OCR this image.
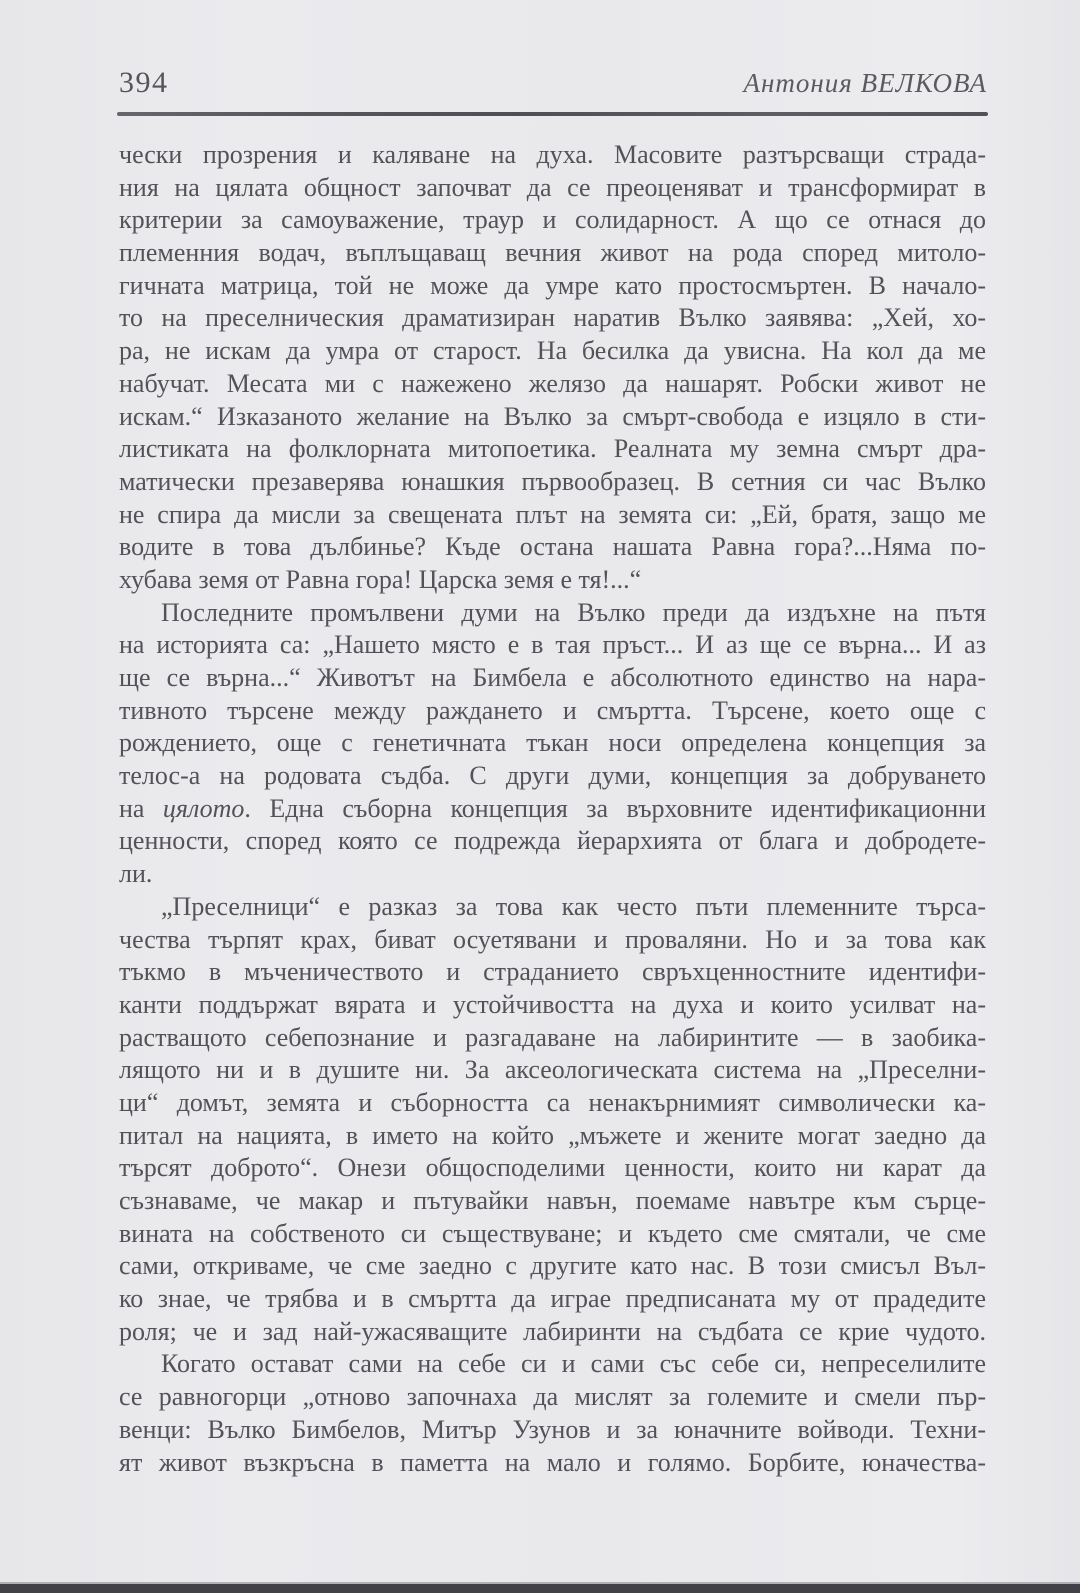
394	Антония ВЕЛКОВА
чески прозрения и каляване на духа. Масовите разтърсващи страда-
ния на цялата общност започват да се преоценяват и трансформират в
критерии за самоуважение, траур и солидарност. А що се отнася до
племенния водач, въплъщаващ вечния живот на рода според митоло-
гичната матрица, той не може да умре като простосмъртен. В начало-
то на преселническия драматизиран наратив Вълко заявява: „Хей, хо-
ра, не искам да умра от старост. На бесилка да увисна. На кол да ме
набучат. Месата ми с нажежено желязо да нашарят. Робски живот не
искам.“ Изказаното желание на Вълко за смърт-свобода е изцяло в сти-
листиката на фолклорната митопоетика. Реалната му земна смърт дра-
матически презаверява юнашкия първообразец. В сетния си час Вълко
не спира да мисли за свещената плът на земята си: „Ей, братя, защо ме
водите в това дълбинье? Къде остана нашата Равна гора?...Няма по-
хубава земя от Равна гора! Царска земя е тя!...“
Последните промълвени думи на Вълко преди да издъхне на пътя
на историята са: „Нашето място е в тая пръст... И аз ще се върна... И аз
ще се върна...“ Животът на Бимбела е абсолютното единство на нара-
тивното търсене между раждането и смъртта. Търсене, което още с
рождението, още с генетичната тъкан носи определена концепция за
телос-а на родовата съдба. С други думи, концепция за добруването
на цялото. Една съборна концепция за върховните идентификационни
ценности, според която се подрежда йерархията от блага и добродете-
ли.
„Преселници“ е разказ за това как често пъти племенните търса-
чества търпят крах, биват осуетявани и проваляни. Но и за това как
тъкмо в мъченичеството и страданието свръхценностните идентифи-
канти поддържат вярата и устойчивостта на духа и които усилват на-
растващото себепознание и разгадаване на лабиринтите — в заобика-
лящото ни и в душите ни. За аксеологическата система на „Преселни-
ци“ домът, земята и съборността са ненакърнимият символически ка-
питал на нацията, в името на който „мъжете и жените могат заедно да
търсят доброто“. Онези общосподелими ценности, които ни карат да
съзнаваме, че макар и пътувайки навън, поемаме навътре към сърце-
вината на собственото си съществуване; и където сме смятали, че сме
сами, откриваме, че сме заедно с другите като нас. В този смисъл Въл-
ко знае, че трябва и в смъртта да играе предписаната му от прадедите
роля; че и зад най-ужасяващите лабиринти на съдбата се крие чудото.
Когато остават сами на себе си и сами със себе си, непреселилите
се равногорци „отново започнаха да мислят за големите и смели пър-
венци: Вълко Бимбелов, Митър Узунов и за юначните войводи. Техни-
ят живот възкръсна в паметта на мало и голямо. Борбите, юначества-
